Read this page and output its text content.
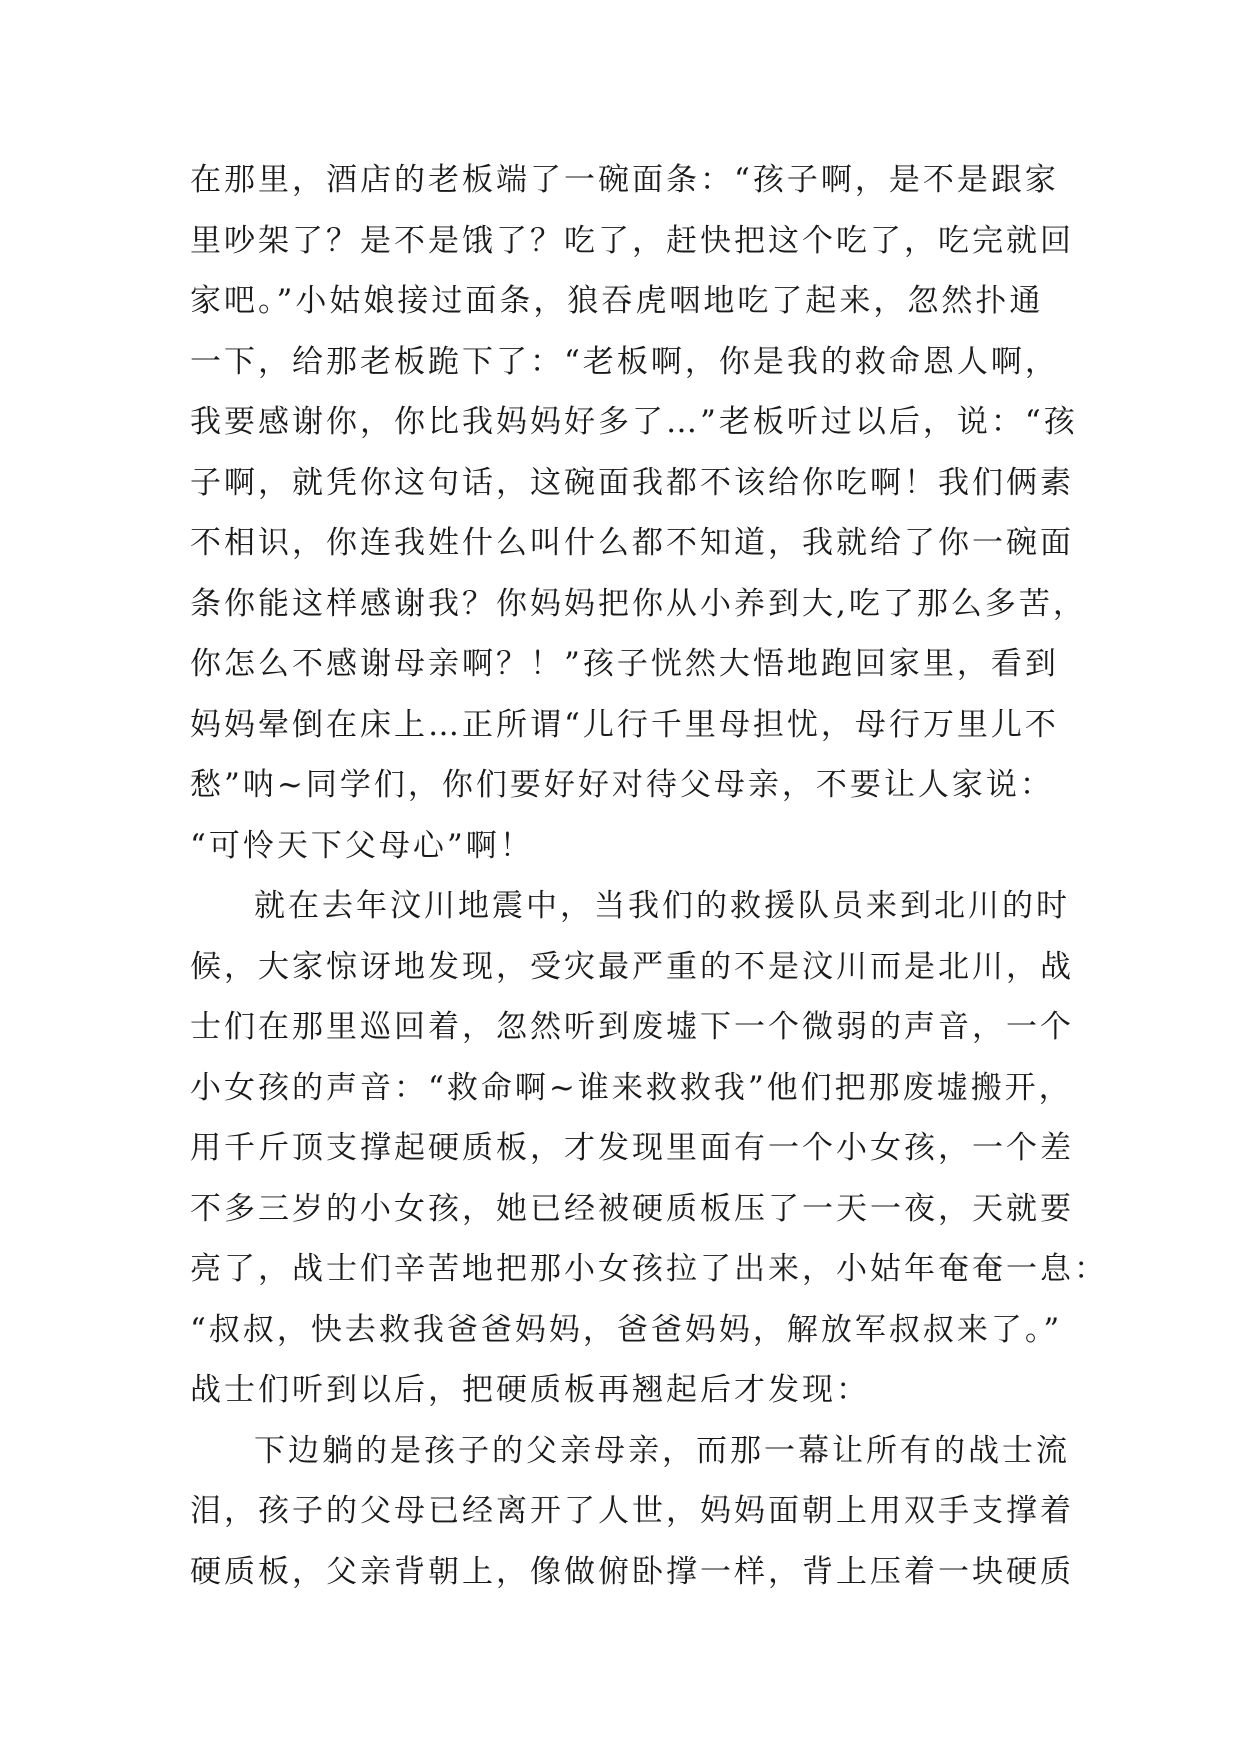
在那里，酒店的老板端了一碗面条：“孩子啊，是不是跟家
里吵架了？是不是饿了？吃了，赶快把这个吃了，吃完就回
家吧。”小姑娘接过面条，狼吞虎咽地吃了起来，忽然扑通
一下，给那老板跪下了：“老板啊，你是我的救命恩人啊，
我要感谢你，你比我妈妈好多了…”老板听过以后，说：“孩
子啊，就凭你这句话，这碗面我都不该给你吃啊！我们俩素
不相识，你连我姓什么叫什么都不知道，我就给了你一碗面
条你能这样感谢我？你妈妈把你从小养到大,吃了那么多苦，
你怎么不感谢母亲啊？！”孩子恍然大悟地跑回家里，看到
妈妈晕倒在床上…正所谓“儿行千里母担忧，母行万里儿不
愁”呐~同学们，你们要好好对待父母亲，不要让人家说：
“可怜天下父母心”啊！
就在去年汶川地震中，当我们的救援队员来到北川的时
候，大家惊讶地发现，受灾最严重的不是汶川而是北川，战
士们在那里巡回着，忽然听到废墟下一个微弱的声音，一个
小女孩的声音：“救命啊~谁来救救我”他们把那废墟搬开，
用千斤顶支撑起硬质板，才发现里面有一个小女孩，一个差
不多三岁的小女孩，她已经被硬质板压了一天一夜，天就要
亮了，战士们辛苦地把那小女孩拉了出来，小姑年奄奄一息：
“叔叔，快去救我爸爸妈妈，爸爸妈妈，解放军叔叔来了。”
战士们听到以后，把硬质板再翘起后才发现：
下边躺的是孩子的父亲母亲，而那一幕让所有的战士流
泪，孩子的父母已经离开了人世，妈妈面朝上用双手支撑着
硬质板，父亲背朝上，像做俯卧撑一样，背上压着一块硬质
